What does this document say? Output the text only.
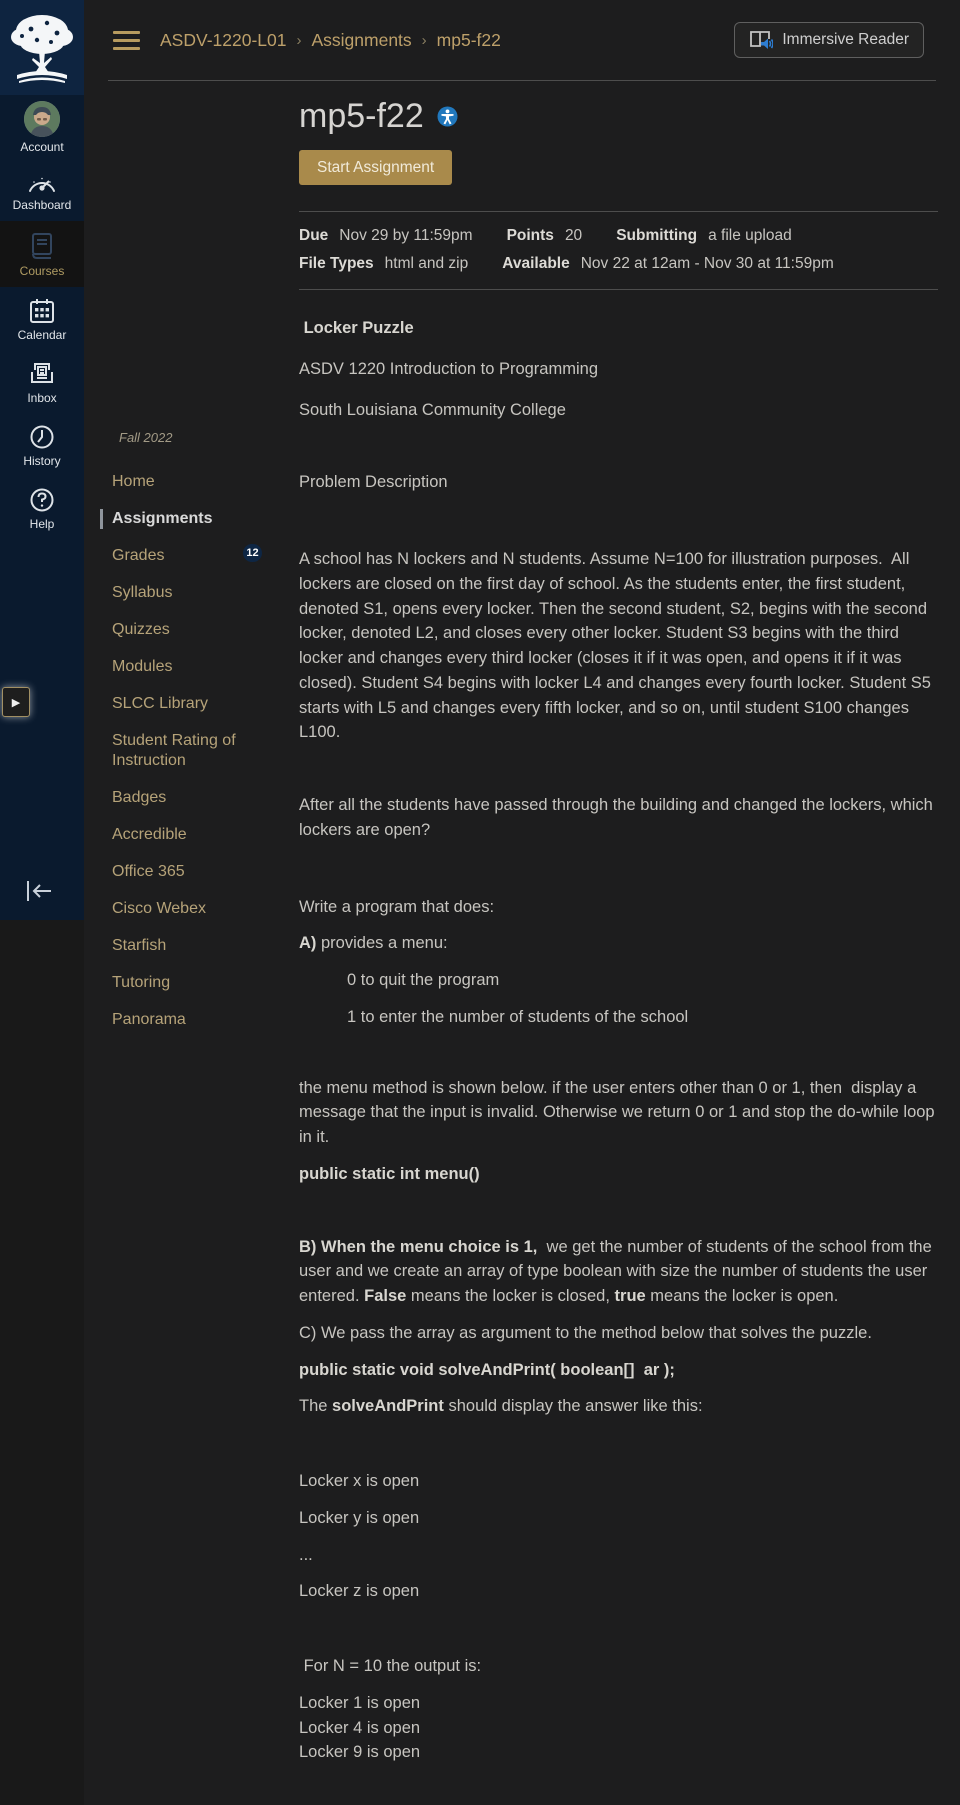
Account
Dashboard
Courses
Calendar
Inbox
History
Help
▶
ASDV-1220-L01 › Assignments › mp5-f22	Immersive Reader

Fall 2022

Home
Assignments
Grades	12
Syllabus
Quizzes
Modules
SLCC Library
Student Rating of Instruction
Badges
Accredible
Office 365
Cisco Webex
Starfish
Tutoring
Panorama
mp5-f22
Start Assignment
Due Nov 29 by 11:59pm Points 20 Submitting a file upload
File Types html and zip Available Nov 22 at 12am - Nov 30 at 11:59pm

Locker Puzzle

ASDV 1220 Introduction to Programming

South Louisiana Community College

Problem Description

A school has N lockers and N students. Assume N=100 for illustration purposes.  All lockers are closed on the first day of school. As the students enter, the first student, denoted S1, opens every locker. Then the second student, S2, begins with the second locker, denoted L2, and closes every other locker. Student S3 begins with the third locker and changes every third locker (closes it if it was open, and opens it if it was closed). Student S4 begins with locker L4 and changes every fourth locker. Student S5 starts with L5 and changes every fifth locker, and so on, until student S100 changes L100.

After all the students have passed through the building and changed the lockers, which lockers are open?

Write a program that does:

A) provides a menu:

0 to quit the program

1 to enter the number of students of the school

the menu method is shown below. if the user enters other than 0 or 1, then  display a message that the input is invalid. Otherwise we return 0 or 1 and stop the do-while loop in it.

public static int menu()

B) When the menu choice is 1,  we get the number of students of the school from the user and we create an array of type boolean with size the number of students the user entered. False means the locker is closed, true means the locker is open.

C) We pass the array as argument to the method below that solves the puzzle.

public static void solveAndPrint( boolean[]  ar );

The solveAndPrint should display the answer like this:

Locker x is open

Locker y is open

...

Locker z is open

For N = 10 the output is:

Locker 1 is open

Locker 4 is open

Locker 9 is open
